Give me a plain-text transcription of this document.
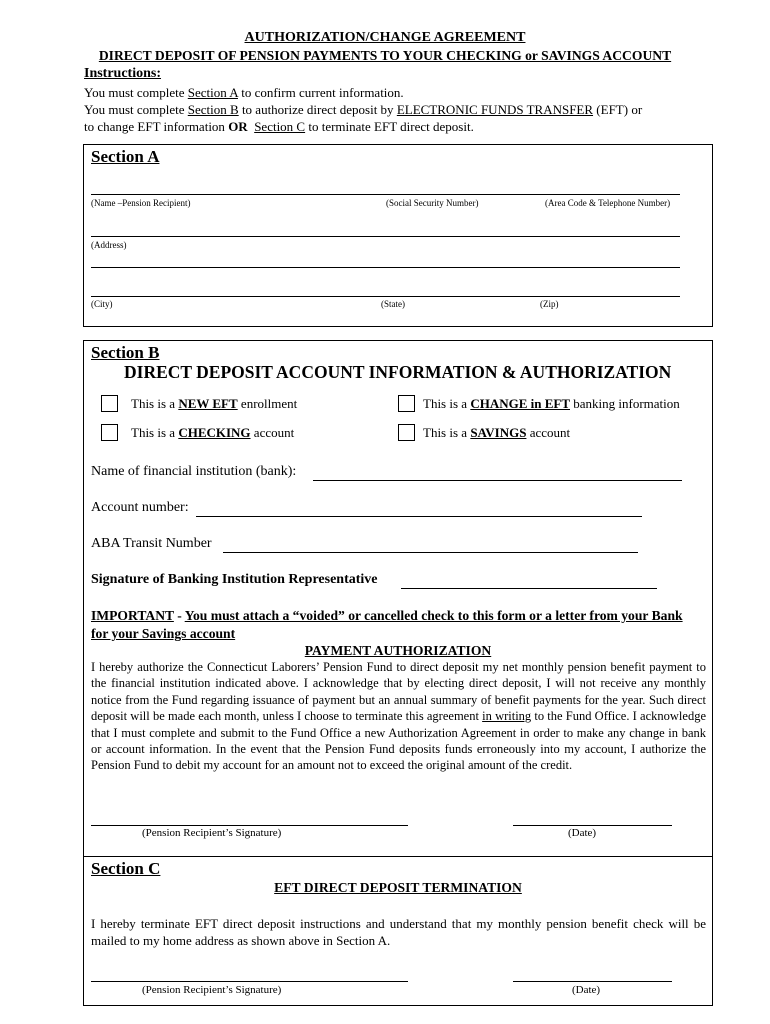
AUTHORIZATION/CHANGE AGREEMENT
DIRECT DEPOSIT OF PENSION PAYMENTS TO YOUR CHECKING or SAVINGS ACCOUNT
Instructions:
You must complete Section A to confirm current information.
You must complete Section B to authorize direct deposit by ELECTRONIC FUNDS TRANSFER (EFT) or
to change EFT information OR Section C to terminate EFT direct deposit.
Section A
(Name –Pension Recipient)	(Social Security Number)	(Area Code & Telephone Number)
(Address)
(City)	(State)	(Zip)
Section B
DIRECT DEPOSIT ACCOUNT INFORMATION & AUTHORIZATION
This is a NEW EFT enrollment	This is a CHANGE in EFT banking information
This is a CHECKING account	This is a SAVINGS account
Name of financial institution (bank):
Account number:
ABA Transit Number
Signature of Banking Institution Representative
IMPORTANT - You must attach a “voided” or cancelled check to this form or a letter from your Bank for your Savings account
PAYMENT AUTHORIZATION
I hereby authorize the Connecticut Laborers’ Pension Fund to direct deposit my net monthly pension benefit payment to the financial institution indicated above. I acknowledge that by electing direct deposit, I will not receive any monthly notice from the Fund regarding issuance of payment but an annual summary of benefit payments for the year. Such direct deposit will be made each month, unless I choose to terminate this agreement in writing to the Fund Office. I acknowledge that I must complete and submit to the Fund Office a new Authorization Agreement in order to make any change in bank or account information. In the event that the Pension Fund deposits funds erroneously into my account, I authorize the Pension Fund to debit my account for an amount not to exceed the original amount of the credit.
(Pension Recipient’s Signature)	(Date)
Section C
EFT DIRECT DEPOSIT TERMINATION
I hereby terminate EFT direct deposit instructions and understand that my monthly pension benefit check will be mailed to my home address as shown above in Section A.
(Pension Recipient’s Signature)	(Date)
